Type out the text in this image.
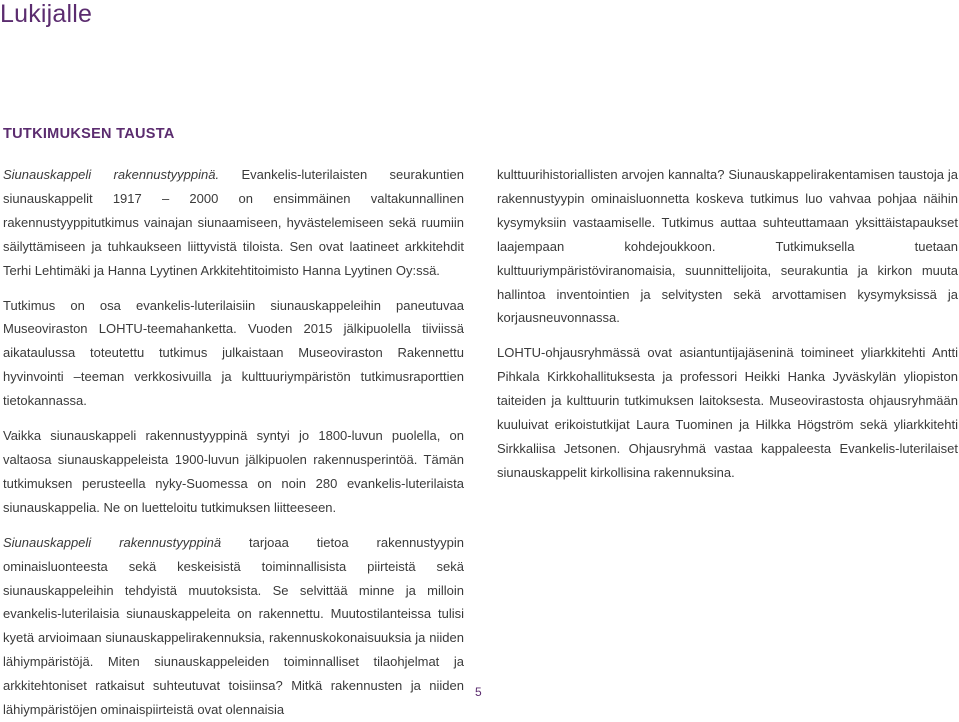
Lukijalle
TUTKIMUKSEN TAUSTA

Siunauskappeli rakennustyyppinä. Evankelis-luterilaisten seurakuntien siunauskappelit 1917 – 2000 on ensimmäinen valtakunnallinen rakennustyyppitutkimus vainajan siunaamiseen, hyvästelemiseen sekä ruumiin säilyttämiseen ja tuhkaukseen liittyvistä tiloista. Sen ovat laatineet arkkitehdit Terhi Lehtimäki ja Hanna Lyytinen Arkkitehtitoimisto Hanna Lyytinen Oy:ssä.

Tutkimus on osa evankelis-luterilaisiin siunauskappeleihin paneutuvaa Museoviraston LOHTU-teemahanketta. Vuoden 2015 jälkipuolella tiiviissä aikataulussa toteutettu tutkimus julkaistaan Museoviraston Rakennettu hyvinvointi –teeman verkkosivuilla ja kulttuuriympäristön tutkimusraporttien tietokannassa.

Vaikka siunauskappeli rakennustyyppinä syntyi jo 1800-luvun puolella, on valtaosa siunauskappeleista 1900-luvun jälkipuolen rakennusperintöä. Tämän tutkimuksen perusteella nyky-Suomessa on noin 280 evankelis-luterilaista siunauskappelia. Ne on luetteloitu tutkimuksen liitteeseen.

Siunauskappeli rakennustyyppinä tarjoaa tietoa rakennustyypin ominaisluonteesta sekä keskeisistä toiminnallisista piirteistä sekä siunauskappeleihin tehdyistä muutoksista. Se selvittää minne ja milloin evankelis-luterilaisia siunauskappeleita on rakennettu. Muutostilanteissa tulisi kyetä arvioimaan siunauskappelirakennuksia, rakennuskokonaisuuksia ja niiden lähiympäristöjä. Miten siunauskappeleiden toiminnalliset tilaohjelmat ja arkkitehtoniset ratkaisut suhteutuvat toisiinsa? Mitkä rakennusten ja niiden lähiympäristöjen ominaispiirteistä ovat olennaisia

kulttuurihistoriallisten arvojen kannalta? Siunauskappelirakentamisen taustoja ja rakennustyypin ominaisluonnetta koskeva tutkimus luo vahvaa pohjaa näihin kysymyksiin vastaamiselle. Tutkimus auttaa suhteuttamaan yksittäistapaukset laajempaan kohdejoukkoon. Tutkimuksella tuetaan kulttuuriympäristöviranomaisia, suunnittelijoita, seurakuntia ja kirkon muuta hallintoa inventointien ja selvitysten sekä arvottamisen kysymyksissä ja korjausneuvonnassa.

LOHTU-ohjausryhmässä ovat asiantuntijajäseninä toimineet yliarkkitehti Antti Pihkala Kirkkohallituksesta ja professori Heikki Hanka Jyväskylän yliopiston taiteiden ja kulttuurin tutkimuksen laitoksesta. Museovirastosta ohjausryhmään kuuluivat erikoistutkijat Laura Tuominen ja Hilkka Högström sekä yliarkkitehti Sirkkaliisa Jetsonen. Ohjausryhmä vastaa kappaleesta Evankelis-luterilaiset siunauskappelit kirkollisina rakennuksina.

5
